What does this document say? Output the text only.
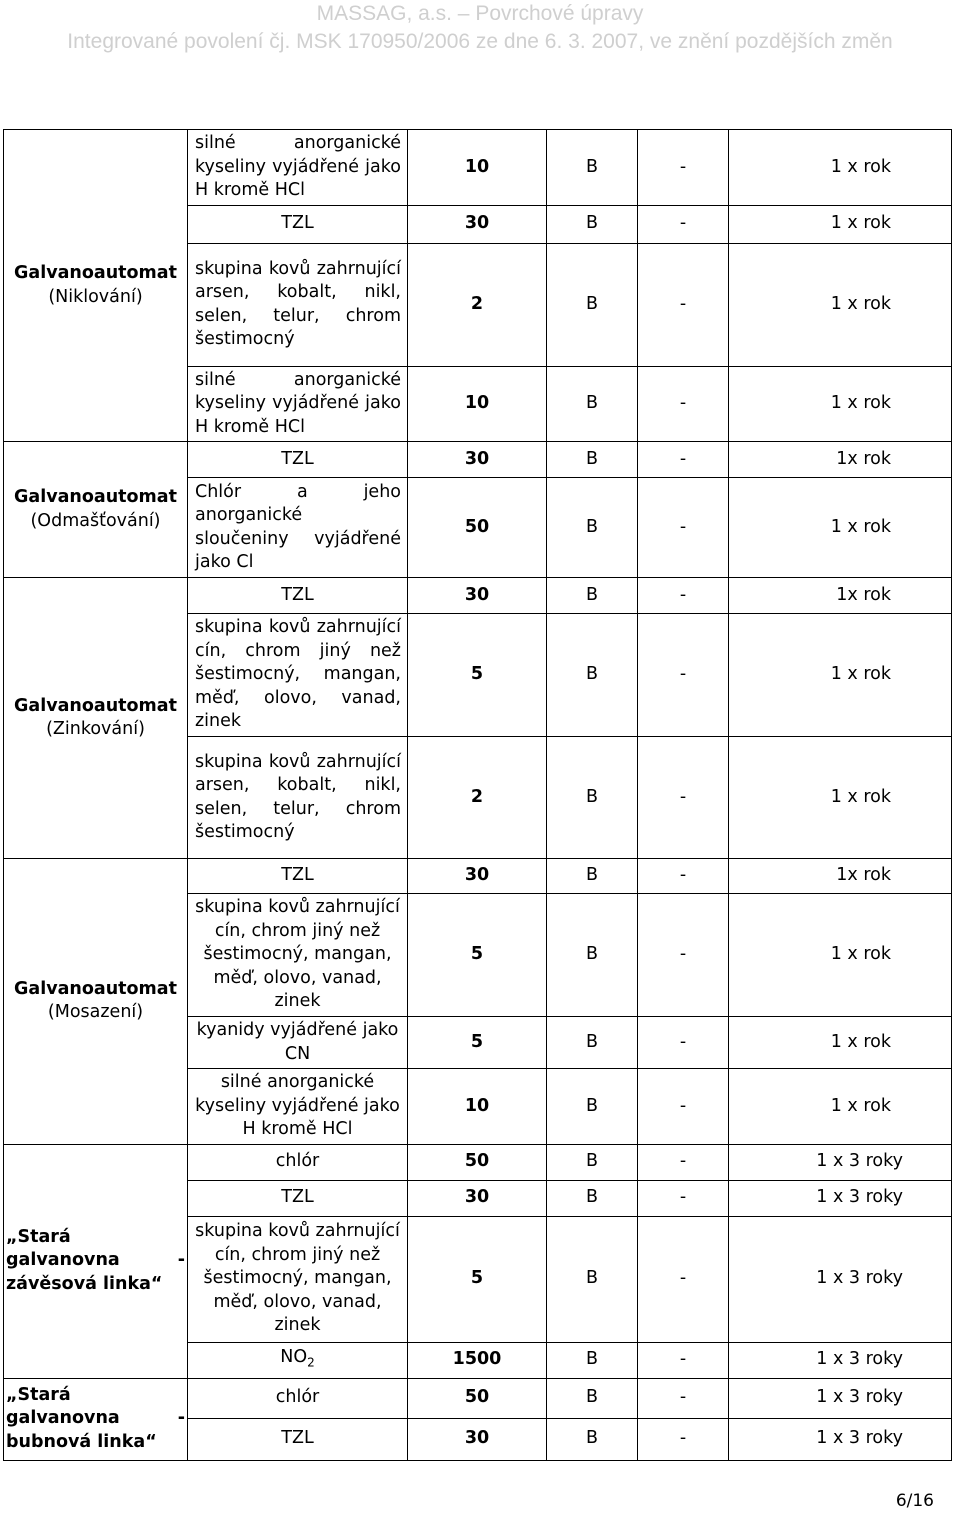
MASSAG, a.s. – Povrchové úpravy
Integrované povolení čj. MSK 170950/2006 ze dne 6. 3. 2007, ve znění pozdějších změn
Galvanoautomat
(Niklování)	silné anorganické kyseliny vyjádřené jako H kromě HCl	10	B	-	1 x rok
	TZL	30	B	-	1 x rok
	skupina kovů zahrnující arsen, kobalt, nikl, selen, telur, chrom šestimocný	2	B	-	1 x rok
	silné anorganické kyseliny vyjádřené jako H kromě HCl	10	B	-	1 x rok
Galvanoautomat
(Odmašťování)	TZL	30	B	-	1x rok
	Chlór a jeho anorganické sloučeniny vyjádřené jako Cl	50	B	-	1 x rok
Galvanoautomat
(Zinkování)	TZL	30	B	-	1x rok
	skupina kovů zahrnující cín, chrom jiný než šestimocný, mangan, měď, olovo, vanad, zinek	5	B	-	1 x rok
	skupina kovů zahrnující arsen, kobalt, nikl, selen, telur, chrom šestimocný	2	B	-	1 x rok
Galvanoautomat
(Mosazení)	TZL	30	B	-	1x rok
	skupina kovů zahrnující cín, chrom jiný než šestimocný, mangan, měď, olovo, vanad, zinek	5	B	-	1 x rok
	kyanidy vyjádřené jako CN	5	B	-	1 x rok
	silné anorganické kyseliny vyjádřené jako H kromě HCl	10	B	-	1 x rok

„Stará
galvanovna -
závěsová linka“	chlór	50	B	-	1 x 3 roky
	TZL	30	B	-	1 x 3 roky
	skupina kovů zahrnující cín, chrom jiný než šestimocný, mangan, měď, olovo, vanad, zinek	5	B	-	1 x 3 roky
	$NO_2$	1500	B	-	1 x 3 roky

„Stará
galvanovna -
bubnová linka“	chlór	50	B	-	1 x 3 roky
	TZL	30	B	-	1 x 3 roky
6/16
